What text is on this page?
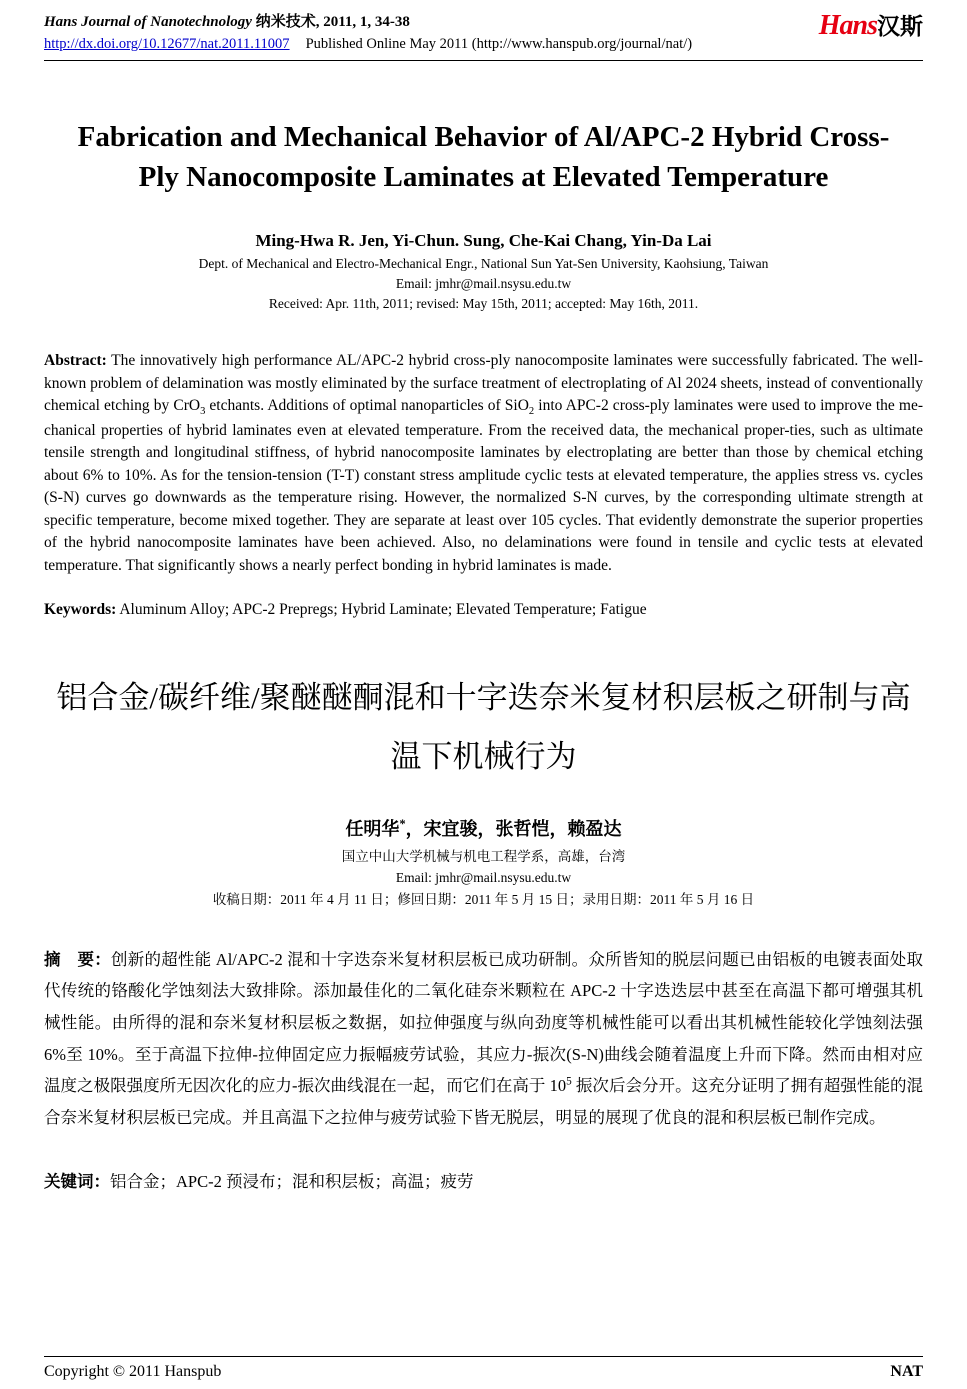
Hans Journal of Nanotechnology 纳米技术, 2011, 1, 34-38
http://dx.doi.org/10.12677/nat.2011.11007 Published Online May 2011 (http://www.hanspub.org/journal/nat/)
Hans汉斯
Fabrication and Mechanical Behavior of Al/APC-2 Hybrid Cross-Ply Nanocomposite Laminates at Elevated Temperature
Ming-Hwa R. Jen, Yi-Chun. Sung, Che-Kai Chang, Yin-Da Lai
Dept. of Mechanical and Electro-Mechanical Engr., National Sun Yat-Sen University, Kaohsiung, Taiwan
Email: jmhr@mail.nsysu.edu.tw
Received: Apr. 11th, 2011; revised: May 15th, 2011; accepted: May 16th, 2011.

Abstract: The innovatively high performance AL/APC-2 hybrid cross-ply nanocomposite laminates were successfully fabricated. The well-known problem of delamination was mostly eliminated by the surface treatment of electroplating of Al 2024 sheets, instead of conventionally chemical etching by CrO$_3$ etchants. Additions of optimal nanoparticles of SiO$_2$ into APC-2 cross-ply laminates were used to improve the me-chanical properties of hybrid laminates even at elevated temperature. From the received data, the mechanical proper-ties, such as ultimate tensile strength and longitudinal stiffness, of hybrid nanocomposite laminates by electroplating are better than those by chemical etching about 6% to 10%. As for the tension-tension (T-T) constant stress amplitude cyclic tests at elevated temperature, the applies stress vs. cycles (S-N) curves go downwards as the temperature rising. However, the normalized S-N curves, by the corresponding ultimate strength at specific temperature, become mixed together. They are separate at least over 105 cycles. That evidently demonstrate the superior properties of the hybrid nanocomposite laminates have been achieved. Also, no delaminations were found in tensile and cyclic tests at elevated temperature. That significantly shows a nearly perfect bonding in hybrid laminates is made.

Keywords: Aluminum Alloy; APC-2 Prepregs; Hybrid Laminate; Elevated Temperature; Fatigue

铝合金/碳纤维/聚醚醚酮混和十字迭奈米复材积层板之研制与高温下机械行为
任明华*，宋宜骏，张哲恺，赖盈达
国立中山大学机械与机电工程学系，高雄，台湾
Email: jmhr@mail.nsysu.edu.tw
收稿日期：2011 年 4 月 11 日；修回日期：2011 年 5 月 15 日；录用日期：2011 年 5 月 16 日

摘　要：创新的超性能 Al/APC-2 混和十字迭奈米复材积层板已成功研制。众所皆知的脱层问题已由铝板的电镀表面处取代传统的铬酸化学蚀刻法大致排除。添加最佳化的二氧化硅奈米颗粒在 APC-2 十字迭迭层中甚至在高温下都可增强其机械性能。由所得的混和奈米复材积层板之数据，如拉伸强度与纵向劲度等机械性能可以看出其机械性能较化学蚀刻法强 6%至 10%。至于高温下拉伸-拉伸固定应力振幅疲劳试验，其应力-振次(S-N)曲线会随着温度上升而下降。然而由相对应温度之极限强度所无因次化的应力-振次曲线混在一起，而它们在高于 $10^5$ 振次后会分开。这充分证明了拥有超强性能的混合奈米复材积层板已完成。并且高温下之拉伸与疲劳试验下皆无脱层，明显的展现了优良的混和积层板已制作完成。

关键词：铝合金；APC-2 预浸布；混和积层板；高温；疲劳

Copyright © 2011 Hanspub	NAT
